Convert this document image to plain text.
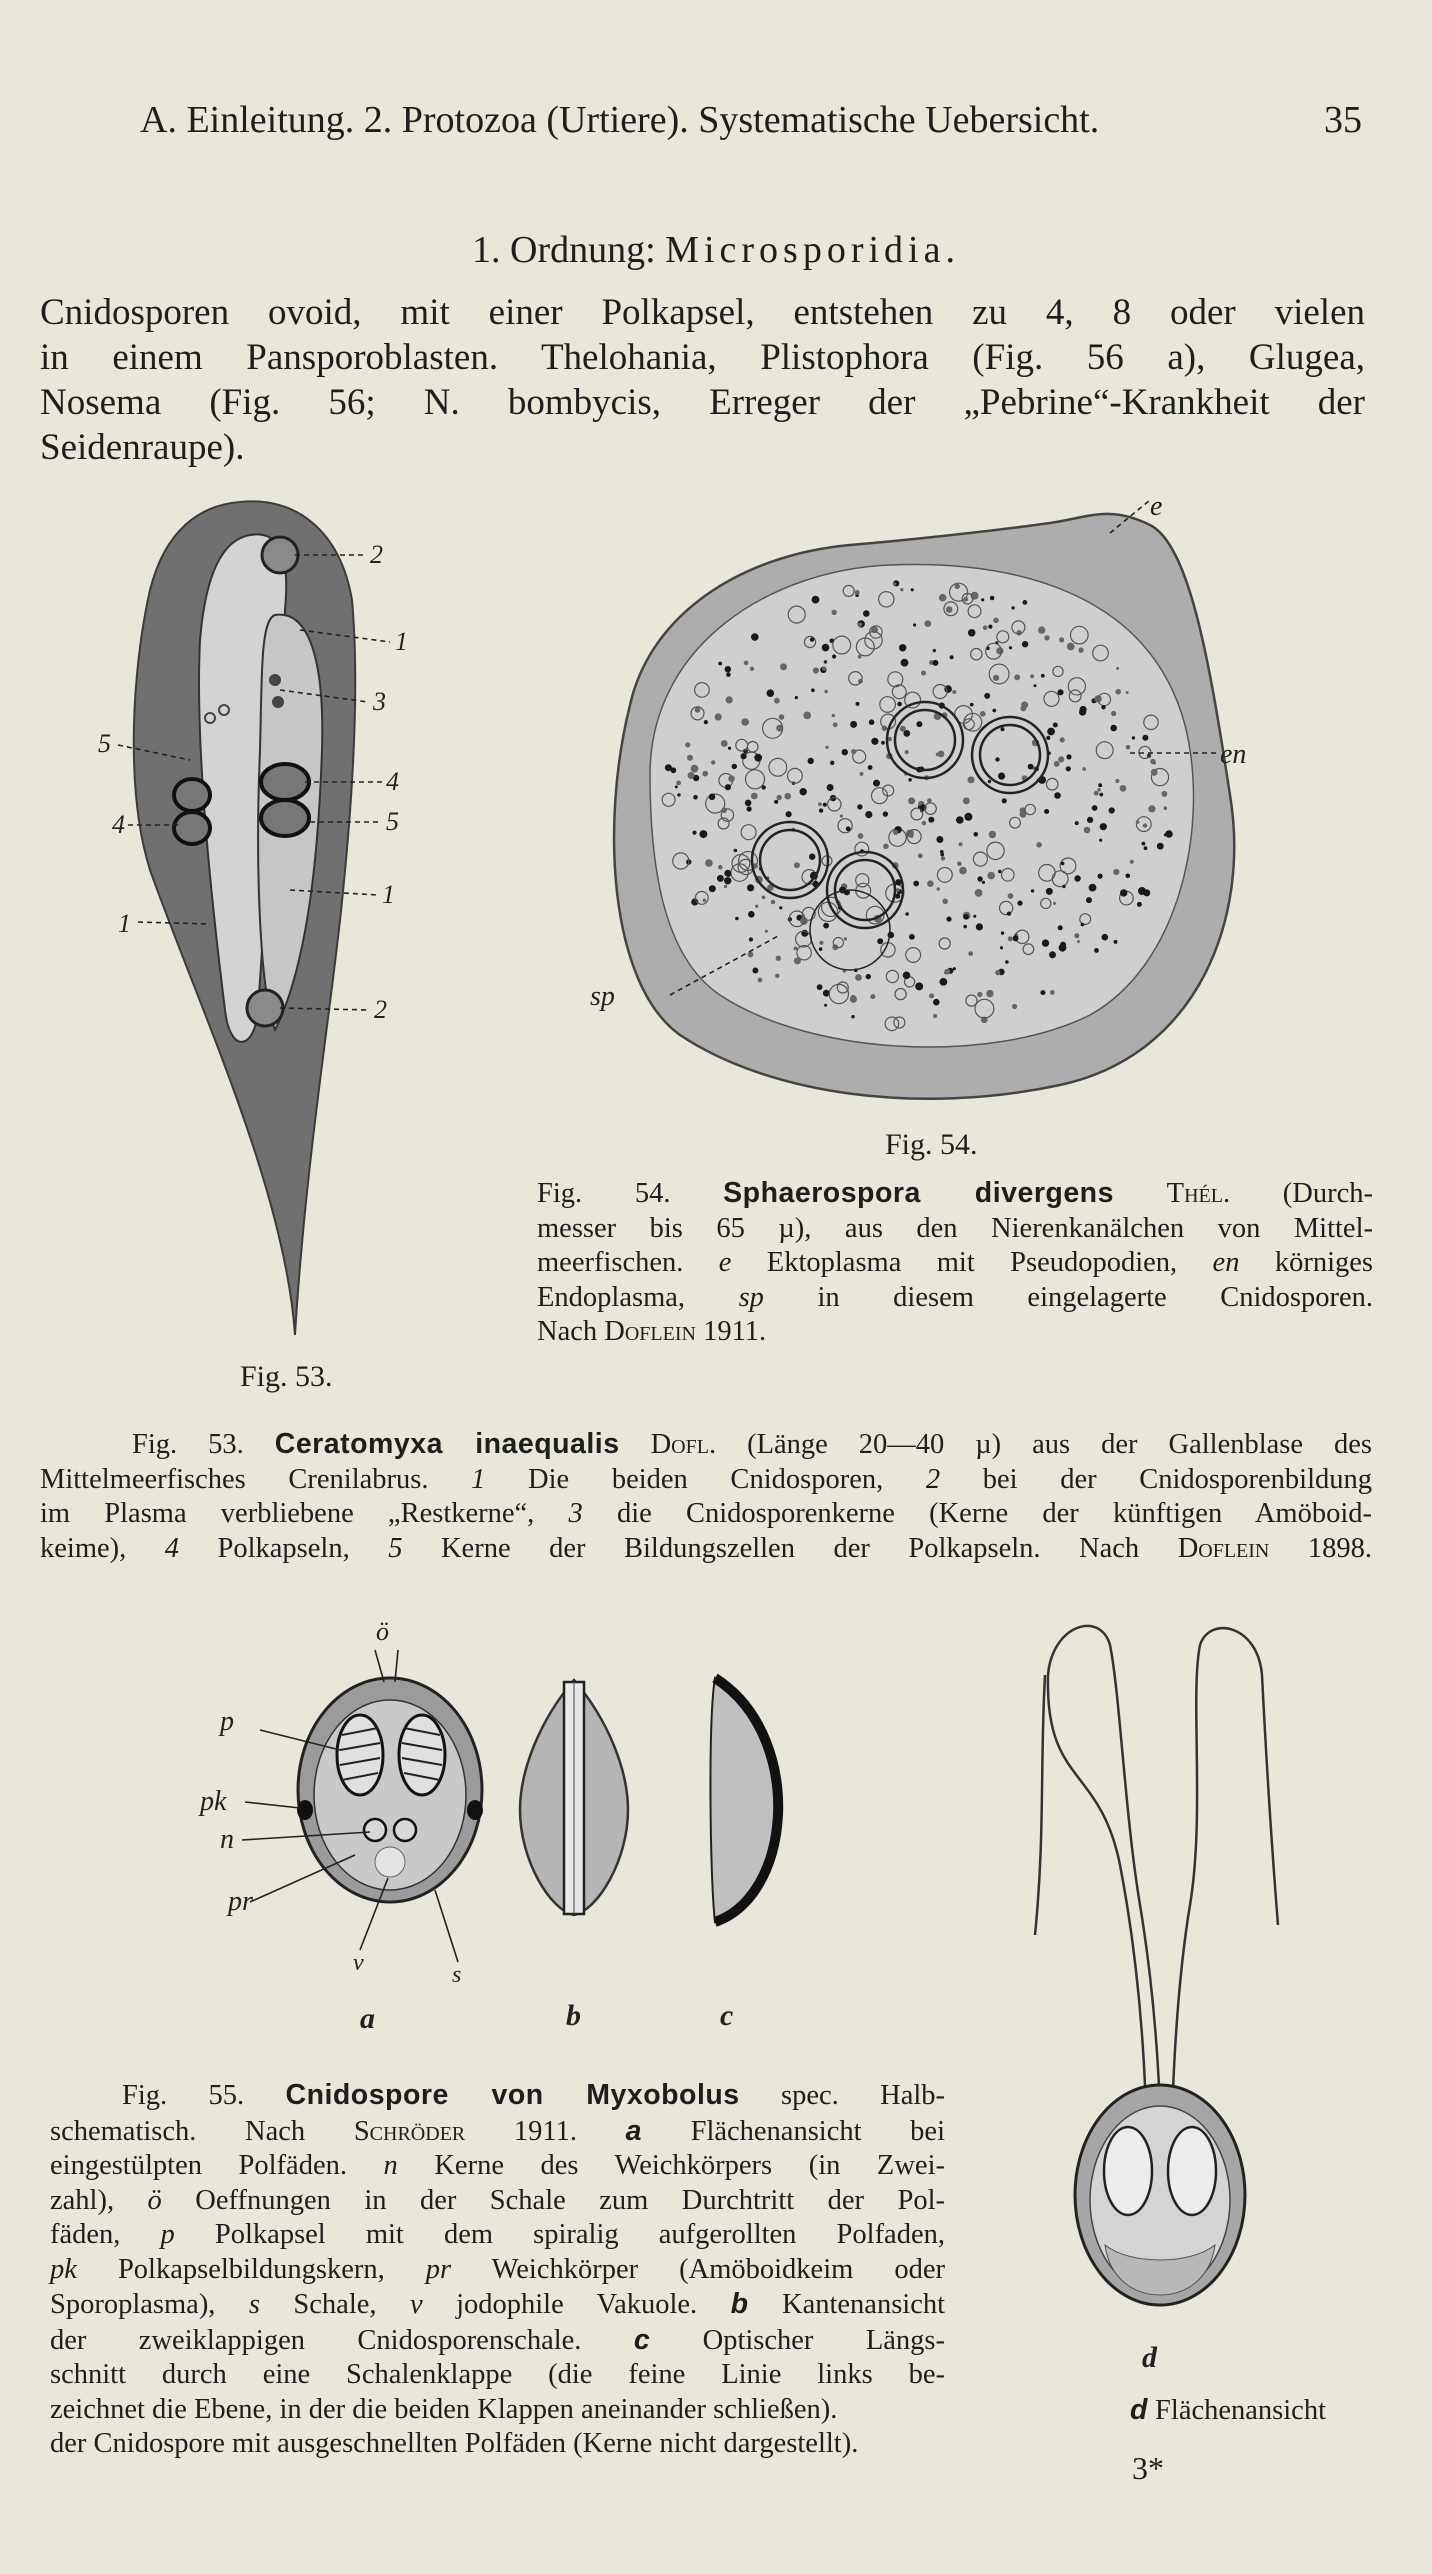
A. Einleitung. 2. Protozoa (Urtiere). Systematische Uebersicht.	35
1. Ordnung: Microsporidia.
Cnidosporen ovoid, mit einer Polkapsel, entstehen zu 4, 8 oder vielen
in einem Pansporoblasten. Thelohania, Plistophora (Fig. 56 a), Glugea,
Nosema (Fig. 56; N. bombycis, Erreger der „Pebrine“-Krankheit der
Seidenraupe).
2
1
3
5
4
4	5
1
1
2
Fig. 53.
e
en
sp
Fig. 54.
Fig. 54. Sphaerospora divergens Thél. (Durch-
messer bis 65 µ), aus den Nierenkanälchen von Mittel-
meerfischen. e Ektoplasma mit Pseudopodien, en körniges
Endoplasma, sp in diesem eingelagerte Cnidosporen.
Nach Doflein 1911.
Fig. 53. Ceratomyxa inaequalis Dofl. (Länge 20—40 µ) aus der Gallenblase des
Mittelmeerfisches Crenilabrus. 1 Die beiden Cnidosporen, 2 bei der Cnidosporenbildung
im Plasma verbliebene „Restkerne“, 3 die Cnidosporenkerne (Kerne der künftigen Amöboid-
keime), 4 Polkapseln, 5 Kerne der Bildungszellen der Polkapseln. Nach Doflein 1898.
ö
p
pk
n
pr
v	s
a	b	c
d
Fig. 55. Cnidospore von Myxobolus spec. Halb-
schematisch. Nach Schröder 1911. a Flächenansicht bei
eingestülpten Polfäden. n Kerne des Weichkörpers (in Zwei-
zahl), ö Oeffnungen in der Schale zum Durchtritt der Pol-
fäden, p Polkapsel mit dem spiralig aufgerollten Polfaden,
pk Polkapselbildungskern, pr Weichkörper (Amöboidkeim oder
Sporoplasma), s Schale, v jodophile Vakuole. b Kantenansicht
der zweiklappigen Cnidosporenschale. c Optischer Längs-
schnitt durch eine Schalenklappe (die feine Linie links be-
zeichnet die Ebene, in der die beiden Klappen aneinander schließen).	d Flächenansicht
der Cnidospore mit ausgeschnellten Polfäden (Kerne nicht dargestellt).
3*
